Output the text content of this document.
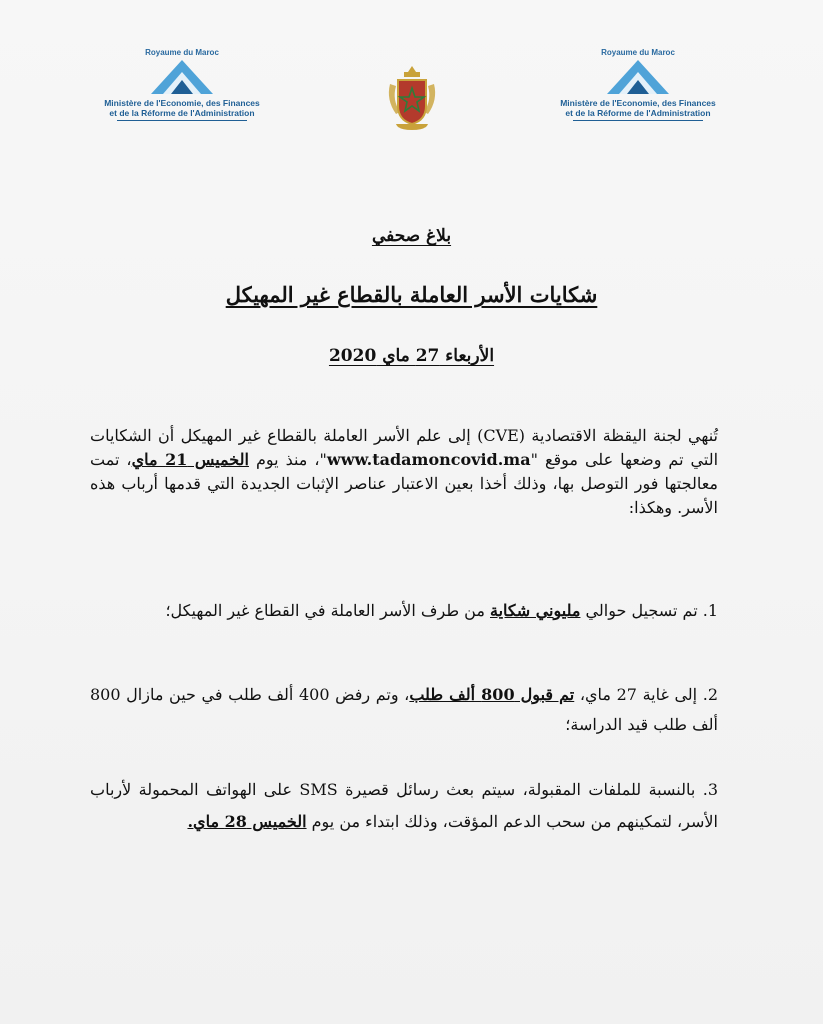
Royaume du Maroc
Ministère de l'Economie, des Finances
et de la Réforme de l'Administration
Royaume du Maroc
Ministère de l'Economie, des Finances
et de la Réforme de l'Administration
بلاغ صحفي
شكايات الأسر العاملة بالقطاع غير المهيكل
الأربعاء 27 ماي 2020
تُنهي لجنة اليقظة الاقتصادية (CVE) إلى علم الأسر العاملة بالقطاع غير المهيكل أن الشكايات التي تم وضعها على موقع "www.tadamoncovid.ma"، منذ يوم الخميس 21 ماي، تمت معالجتها فور التوصل بها، وذلك أخذا بعين الاعتبار عناصر الإثبات الجديدة التي قدمها أرباب هذه الأسر. وهكذا:
1. تم تسجيل حوالي مليوني شكاية من طرف الأسر العاملة في القطاع غير المهيكل؛
2. إلى غاية 27 ماي، تم قبول 800 ألف طلب، وتم رفض 400 ألف طلب في حين مازال 800 ألف طلب قيد الدراسة؛
3. بالنسبة للملفات المقبولة، سيتم بعث رسائل قصيرة SMS على الهواتف المحمولة لأرباب الأسر، لتمكينهم من سحب الدعم المؤقت، وذلك ابتداء من يوم الخميس 28 ماي.
